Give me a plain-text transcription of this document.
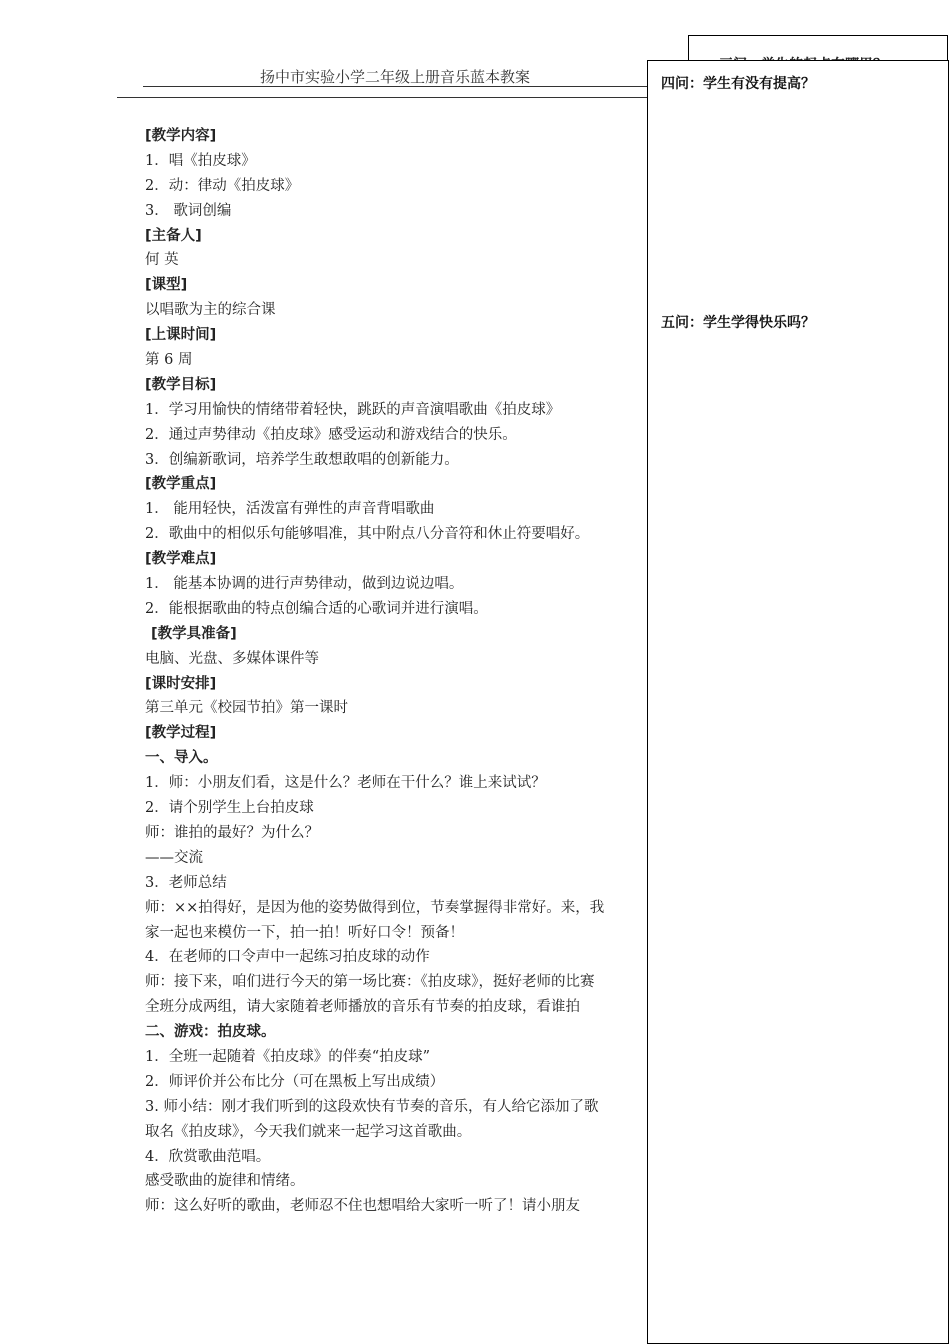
扬中市实验小学二年级上册音乐蓝本教案
[教学内容]
1．唱《拍皮球》
2．动：律动《拍皮球》
3． 歌词创编
[主备人]
何 英
[课型]
以唱歌为主的综合课
[上课时间]
第 6 周
[教学目标]
1．学习用愉快的情绪带着轻快，跳跃的声音演唱歌曲《拍皮球》
2．通过声势律动《拍皮球》感受运动和游戏结合的快乐。
3．创编新歌词，培养学生敢想敢唱的创新能力。
[教学重点]
1． 能用轻快，活泼富有弹性的声音背唱歌曲
2．歌曲中的相似乐句能够唱准，其中附点八分音符和休止符要唱好。
[教学难点]
1． 能基本协调的进行声势律动，做到边说边唱。
2．能根据歌曲的特点创编合适的心歌词并进行演唱。
[教学具准备]
电脑、光盘、多媒体课件等
[课时安排]
第三单元《校园节拍》第一课时
[教学过程]
一、导入。
1．师：小朋友们看，这是什么？老师在干什么？谁上来试试？
2．请个别学生上台拍皮球
师：谁拍的最好？为什么？
——交流
3．老师总结
师：××拍得好，是因为他的姿势做得到位，节奏掌握得非常好。来，我
家一起也来模仿一下，拍一拍！听好口令！预备！
4．在老师的口令声中一起练习拍皮球的动作
师：接下来，咱们进行今天的第一场比赛：《拍皮球》，挺好老师的比赛
全班分成两组，请大家随着老师播放的音乐有节奏的拍皮球，看谁拍
二、游戏：拍皮球。
1．全班一起随着《拍皮球》的伴奏“拍皮球”
2．师评价并公布比分（可在黑板上写出成绩）
3. 师小结：刚才我们听到的这段欢快有节奏的音乐，有人给它添加了歌
取名《拍皮球》，今天我们就来一起学习这首歌曲。
4．欣赏歌曲范唱。
感受歌曲的旋律和情绪。
师：这么好听的歌曲，老师忍不住也想唱给大家听一听了！请小朋友
四问：学生有没有提高？
五问：学生学得快乐吗？
